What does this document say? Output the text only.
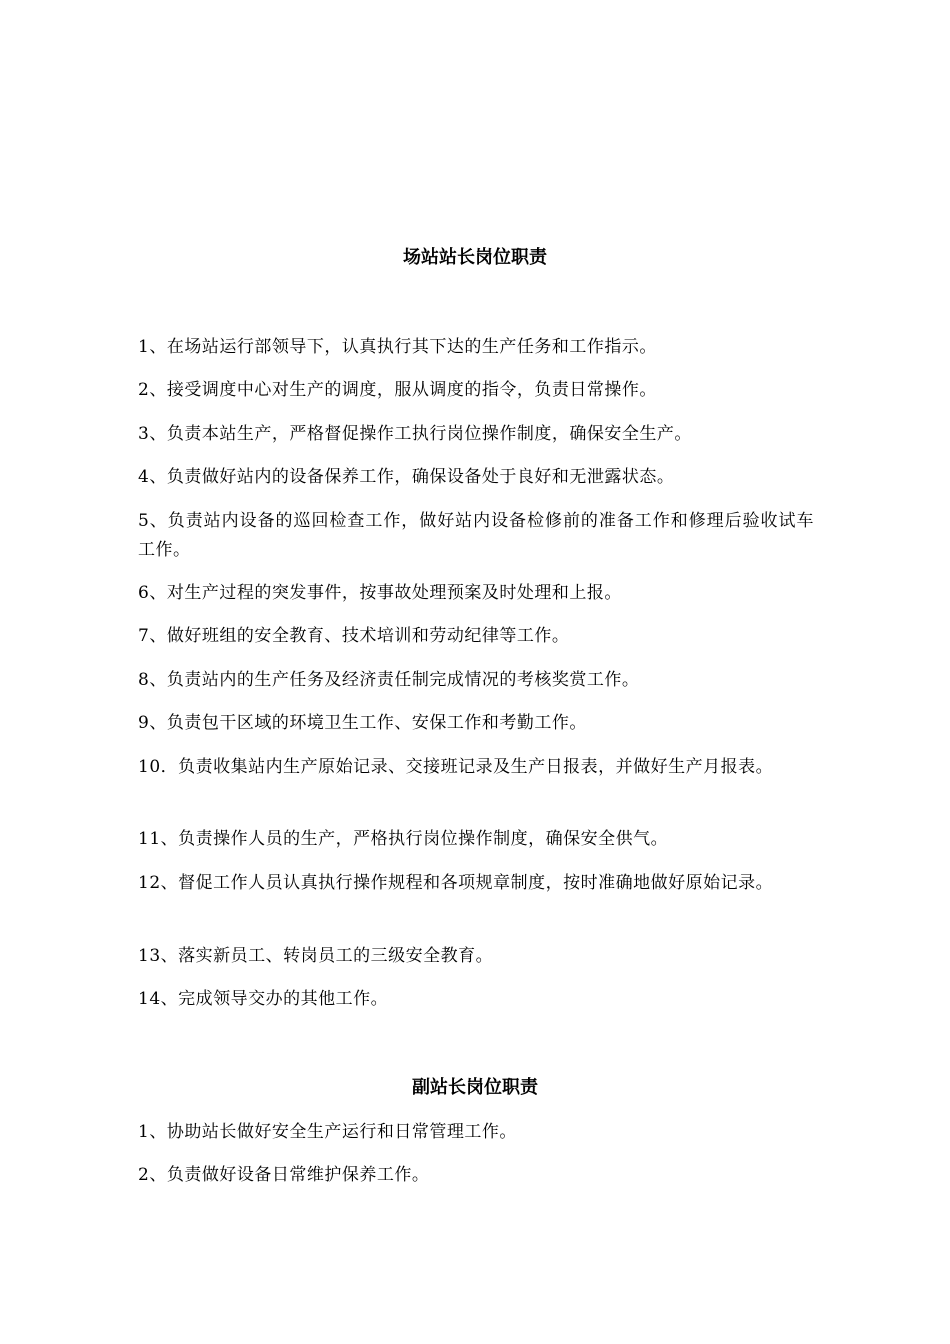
场站站长岗位职责

1、在场站运行部领导下，认真执行其下达的生产任务和工作指示。

2、接受调度中心对生产的调度，服从调度的指令，负责日常操作。

3、负责本站生产，严格督促操作工执行岗位操作制度，确保安全生产。

4、负责做好站内的设备保养工作，确保设备处于良好和无泄露状态。

5、负责站内设备的巡回检查工作，做好站内设备检修前的准备工作和修理后验收试车工作。

6、对生产过程的突发事件，按事故处理预案及时处理和上报。

7、做好班组的安全教育、技术培训和劳动纪律等工作。

8、负责站内的生产任务及经济责任制完成情况的考核奖赏工作。

9、负责包干区域的环境卫生工作、安保工作和考勤工作。

10．负责收集站内生产原始记录、交接班记录及生产日报表，并做好生产月报表。

11、负责操作人员的生产，严格执行岗位操作制度，确保安全供气。

12、督促工作人员认真执行操作规程和各项规章制度，按时准确地做好原始记录。

13、落实新员工、转岗员工的三级安全教育。

14、完成领导交办的其他工作。

副站长岗位职责

1、协助站长做好安全生产运行和日常管理工作。

2、负责做好设备日常维护保养工作。
